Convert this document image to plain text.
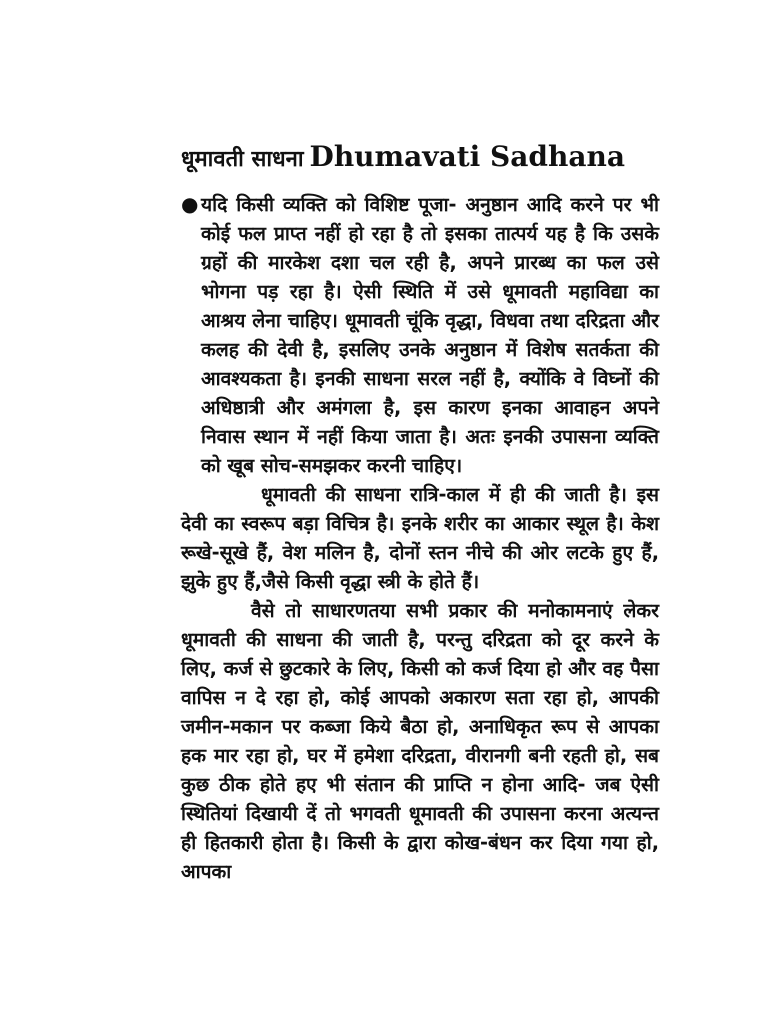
धूमावती साधना Dhumavati Sadhana
● यदि किसी व्यक्ति को विशिष्ट पूजा- अनुष्ठान आदि करने पर भी कोई फल प्राप्त नहीं हो रहा है तो इसका तात्पर्य यह है कि उसके ग्रहों की मारकेश दशा चल रही है, अपने प्रारब्ध का फल उसे भोगना पड़ रहा है। ऐसी स्थिति में उसे धूमावती महाविद्या का आश्रय लेना चाहिए। धूमावती चूंकि वृद्धा, विधवा तथा दरिद्रता और कलह की देवी है, इसलिए उनके अनुष्ठान में विशेष सतर्कता की आवश्यकता है। इनकी साधना सरल नहीं है, क्योंकि वे विघ्नों की अधिष्ठात्री और अमंगला है, इस कारण इनका आवाहन अपने निवास स्थान में नहीं किया जाता है। अतः इनकी उपासना व्यक्ति को खूब सोच-समझकर करनी चाहिए।

धूमावती की साधना रात्रि-काल में ही की जाती है। इस देवी का स्वरूप बड़ा विचित्र है। इनके शरीर का आकार स्थूल है। केश रूखे-सूखे हैं, वेश मलिन है, दोनों स्तन नीचे की ओर लटके हुए हैं, झुके हुए हैं,जैसे किसी वृद्धा स्त्री के होते हैं।

वैसे तो साधारणतया सभी प्रकार की मनोकामनाएं लेकर धूमावती की साधना की जाती है, परन्तु दरिद्रता को दूर करने के लिए, कर्ज से छुटकारे के लिए, किसी को कर्ज दिया हो और वह पैसा वापिस न दे रहा हो, कोई आपको अकारण सता रहा हो, आपकी जमीन-मकान पर कब्जा किये बैठा हो, अनाधिकृत रूप से आपका हक मार रहा हो, घर में हमेशा दरिद्रता, वीरानगी बनी रहती हो, सब कुछ ठीक होते हए भी संतान की प्राप्ति न होना आदि- जब ऐसी स्थितियां दिखायी दें तो भगवती धूमावती की उपासना करना अत्यन्त ही हितकारी होता है। किसी के द्वारा कोख-बंधन कर दिया गया हो, आपका
